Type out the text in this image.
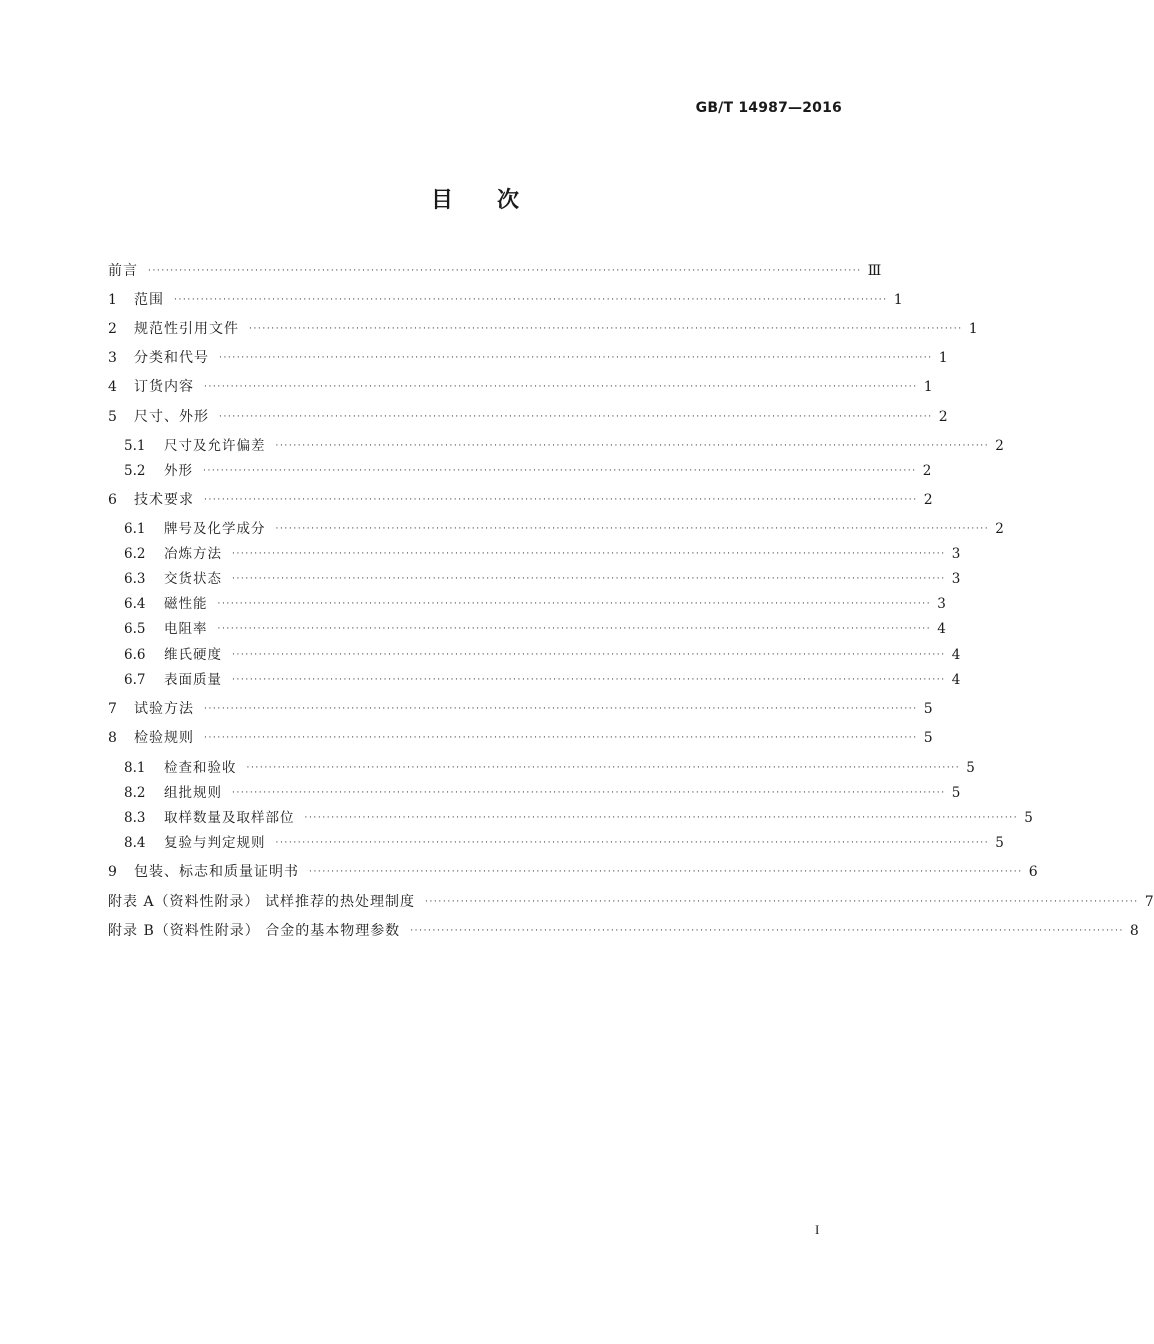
GB/T 14987—2016
目 次
前言 ································································································································································ Ⅲ
1	范围 ································································································································································ 1
2	规范性引用文件 ································································································································································ 1
3	分类和代号 ································································································································································ 1
4	订货内容 ································································································································································ 1
5	尺寸、外形 ································································································································································ 2
5.1	尺寸及允许偏差 ································································································································································ 2
5.2	外形 ································································································································································ 2
6	技术要求 ································································································································································ 2
6.1	牌号及化学成分 ································································································································································ 2
6.2	冶炼方法 ································································································································································ 3
6.3	交货状态 ································································································································································ 3
6.4	磁性能 ································································································································································ 3
6.5	电阻率 ································································································································································ 4
6.6	维氏硬度 ································································································································································ 4
6.7	表面质量 ································································································································································ 4
7	试验方法 ································································································································································ 5
8	检验规则 ································································································································································ 5
8.1	检查和验收 ································································································································································ 5
8.2	组批规则 ································································································································································ 5
8.3	取样数量及取样部位 ································································································································································ 5
8.4	复验与判定规则 ································································································································································ 5
9	包装、标志和质量证明书 ································································································································································ 6
附表 A（资料性附录） 试样推荐的热处理制度 ································································································································································ 7
附录 B（资料性附录） 合金的基本物理参数 ································································································································································ 8
I
